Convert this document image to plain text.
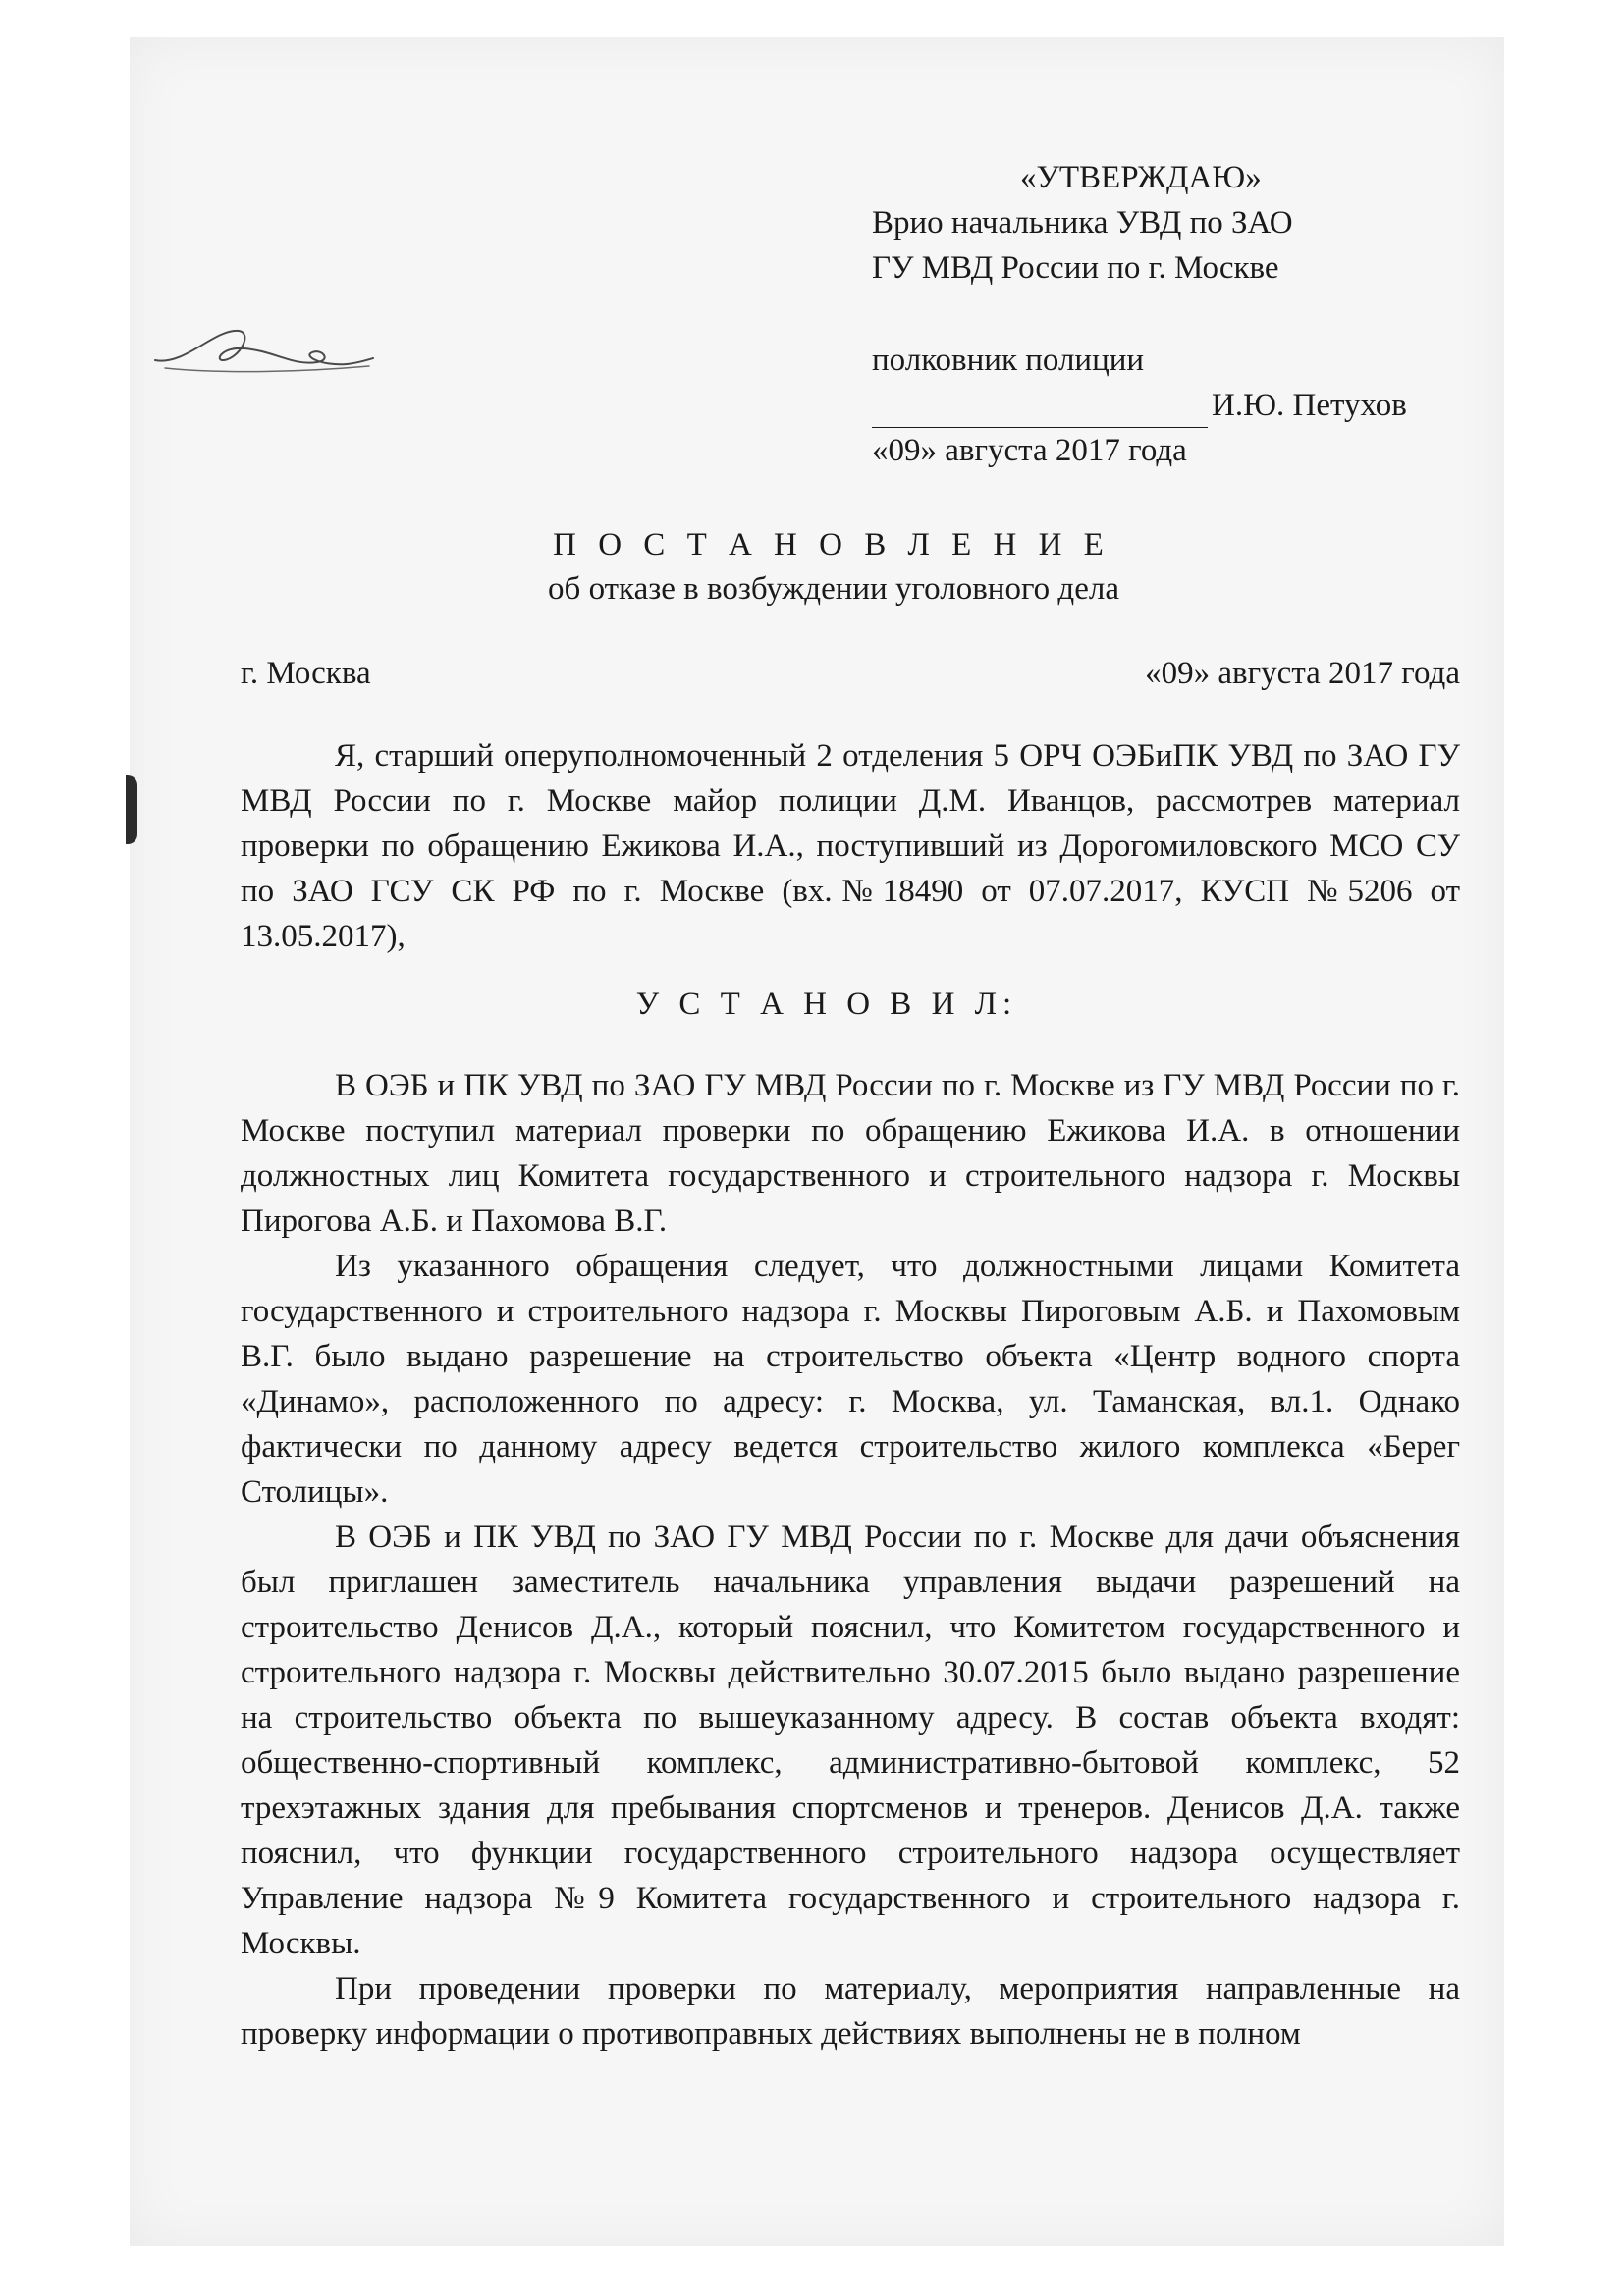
«УТВЕРЖДАЮ»
Врио начальника УВД по ЗАО
ГУ МВД России по г. Москве
полковник полиции
И.Ю. Петухов
«09» августа 2017 года
П О С Т А Н О В Л Е Н И Е
об отказе в возбуждении уголовного дела
г. Москва	«09» августа 2017 года

Я, старший оперуполномоченный 2 отделения 5 ОРЧ ОЭБиПК УВД по ЗАО ГУ МВД России по г. Москве майор полиции Д.М. Иванцов, рассмотрев материал проверки по обращению Ежикова И.А., поступивший из Дорогомиловского МСО СУ по ЗАО ГСУ СК РФ по г. Москве (вх.№18490 от 07.07.2017, КУСП №5206 от 13.05.2017),

У С Т А Н О В И Л:

В ОЭБ и ПК УВД по ЗАО ГУ МВД России по г. Москве из ГУ МВД России по г. Москве поступил материал проверки по обращению Ежикова И.А. в отношении должностных лиц Комитета государственного и строительного надзора г. Москвы Пирогова А.Б. и Пахомова В.Г.

Из указанного обращения следует, что должностными лицами Комитета государственного и строительного надзора г. Москвы Пироговым А.Б. и Пахомовым В.Г. было выдано разрешение на строительство объекта «Центр водного спорта «Динамо», расположенного по адресу: г. Москва, ул. Таманская, вл.1. Однако фактически по данному адресу ведется строительство жилого комплекса «Берег Столицы».

В ОЭБ и ПК УВД по ЗАО ГУ МВД России по г. Москве для дачи объяснения был приглашен заместитель начальника управления выдачи разрешений на строительство Денисов Д.А., который пояснил, что Комитетом государственного и строительного надзора г. Москвы действительно 30.07.2015 было выдано разрешение на строительство объекта по вышеуказанному адресу. В состав объекта входят: общественно-спортивный комплекс, административно-бытовой комплекс, 52 трехэтажных здания для пребывания спортсменов и тренеров. Денисов Д.А. также пояснил, что функции государственного строительного надзора осуществляет Управление надзора №9 Комитета государственного и строительного надзора г. Москвы.

При проведении проверки по материалу, мероприятия направленные на проверку информации о противоправных действиях выполнены не в полном
